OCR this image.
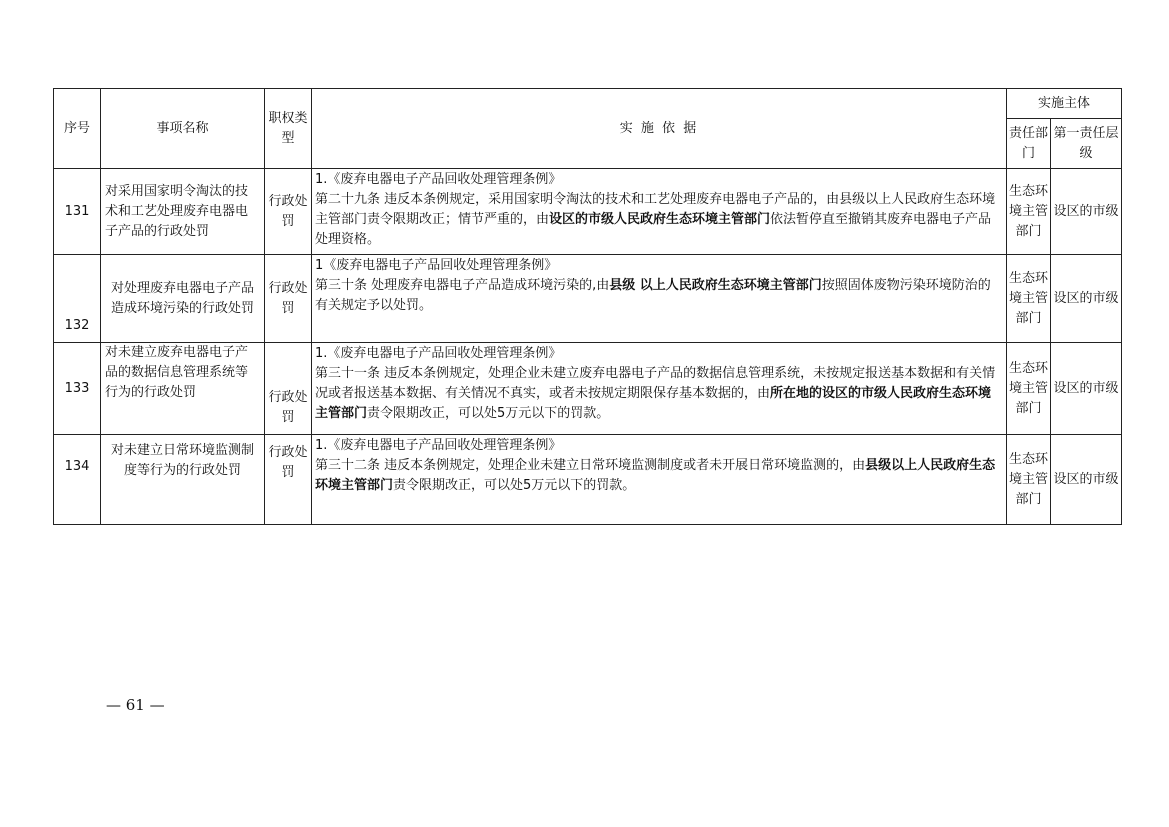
序号	事项名称	职权类型	实 施 依 据	实施主体	
				责任部门	第一责任层级
131	对采用国家明令淘汰的技术和工艺处理废弃电器电子产品的行政处罚	行政处罚	1.《废弃电器电子产品回收处理管理条例》
第二十九条 违反本条例规定，采用国家明令淘汰的技术和工艺处理废弃电器电子产品的，由县级以上人民政府生态环境主管部门责令限期改正；情节严重的，由设区的市级人民政府生态环境主管部门依法暂停直至撤销其废弃电器电子产品处理资格。	生态环境主管部门	设区的市级
132	对处理废弃电器电子产品造成环境污染的行政处罚	行政处罚	1《废弃电器电子产品回收处理管理条例》
第三十条 处理废弃电器电子产品造成环境污染的,由县级 以上人民政府生态环境主管部门按照固体废物污染环境防治的有关规定予以处罚。	生态环境主管部门	设区的市级
133	对未建立废弃电器电子产品的数据信息管理系统等行为的行政处罚	行政处罚	1.《废弃电器电子产品回收处理管理条例》
第三十一条 违反本条例规定，处理企业未建立废弃电器电子产品的数据信息管理系统，未按规定报送基本数据和有关情况或者报送基本数据、有关情况不真实，或者未按规定期限保存基本数据的，由所在地的设区的市级人民政府生态环境主管部门责令限期改正，可以处5万元以下的罚款。	生态环境主管部门	设区的市级
134	对未建立日常环境监测制度等行为的行政处罚	行政处罚	1.《废弃电器电子产品回收处理管理条例》
第三十二条 违反本条例规定，处理企业未建立日常环境监测制度或者未开展日常环境监测的，由县级以上人民政府生态环境主管部门责令限期改正，可以处5万元以下的罚款。	生态环境主管部门	设区的市级
— 61 —
